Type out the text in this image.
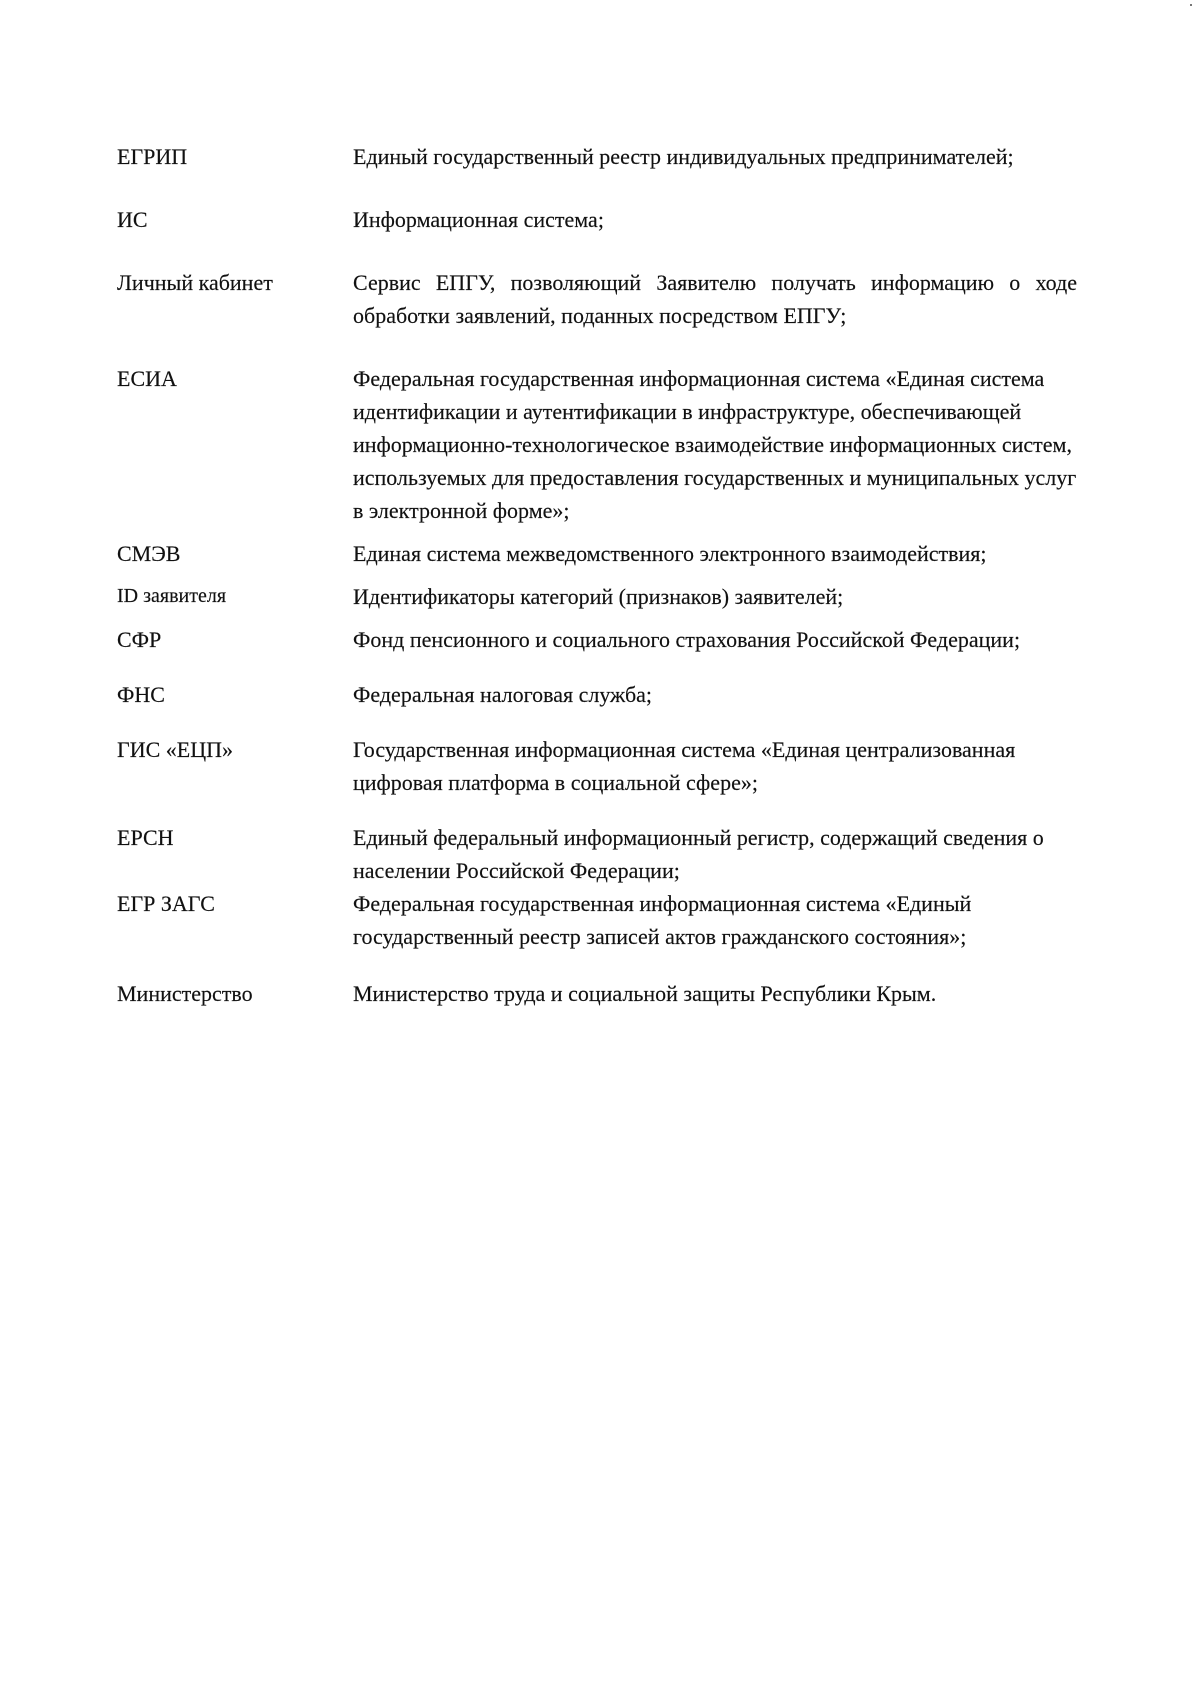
ЕГРИП	Единый государственный реестр индивидуальных предпринимателей;
ИС	Информационная система;
Личный кабинет	Сервис ЕПГУ, позволяющий Заявителю получать информацию о ходе обработки заявлений, поданных посредством ЕПГУ;
ЕСИА	Федеральная государственная информационная система «Единая система идентификации и аутентификации в инфраструктуре, обеспечивающей информационно-технологическое взаимодействие информационных систем, используемых для предоставления государственных и муниципальных услуг в электронной форме»;
СМЭВ	Единая система межведомственного электронного взаимодействия;
ID заявителя	Идентификаторы категорий (признаков) заявителей;
СФР	Фонд пенсионного и социального страхования Российской Федерации;
ФНС	Федеральная налоговая служба;
ГИС «ЕЦП»	Государственная информационная система «Единая централизованная цифровая платформа в социальной сфере»;
ЕРСН	Единый федеральный информационный регистр, содержащий сведения о населении Российской Федерации;
ЕГР ЗАГС	Федеральная государственная информационная система «Единый государственный реестр записей актов гражданского состояния»;
Министерство	Министерство труда и социальной защиты Республики Крым.
